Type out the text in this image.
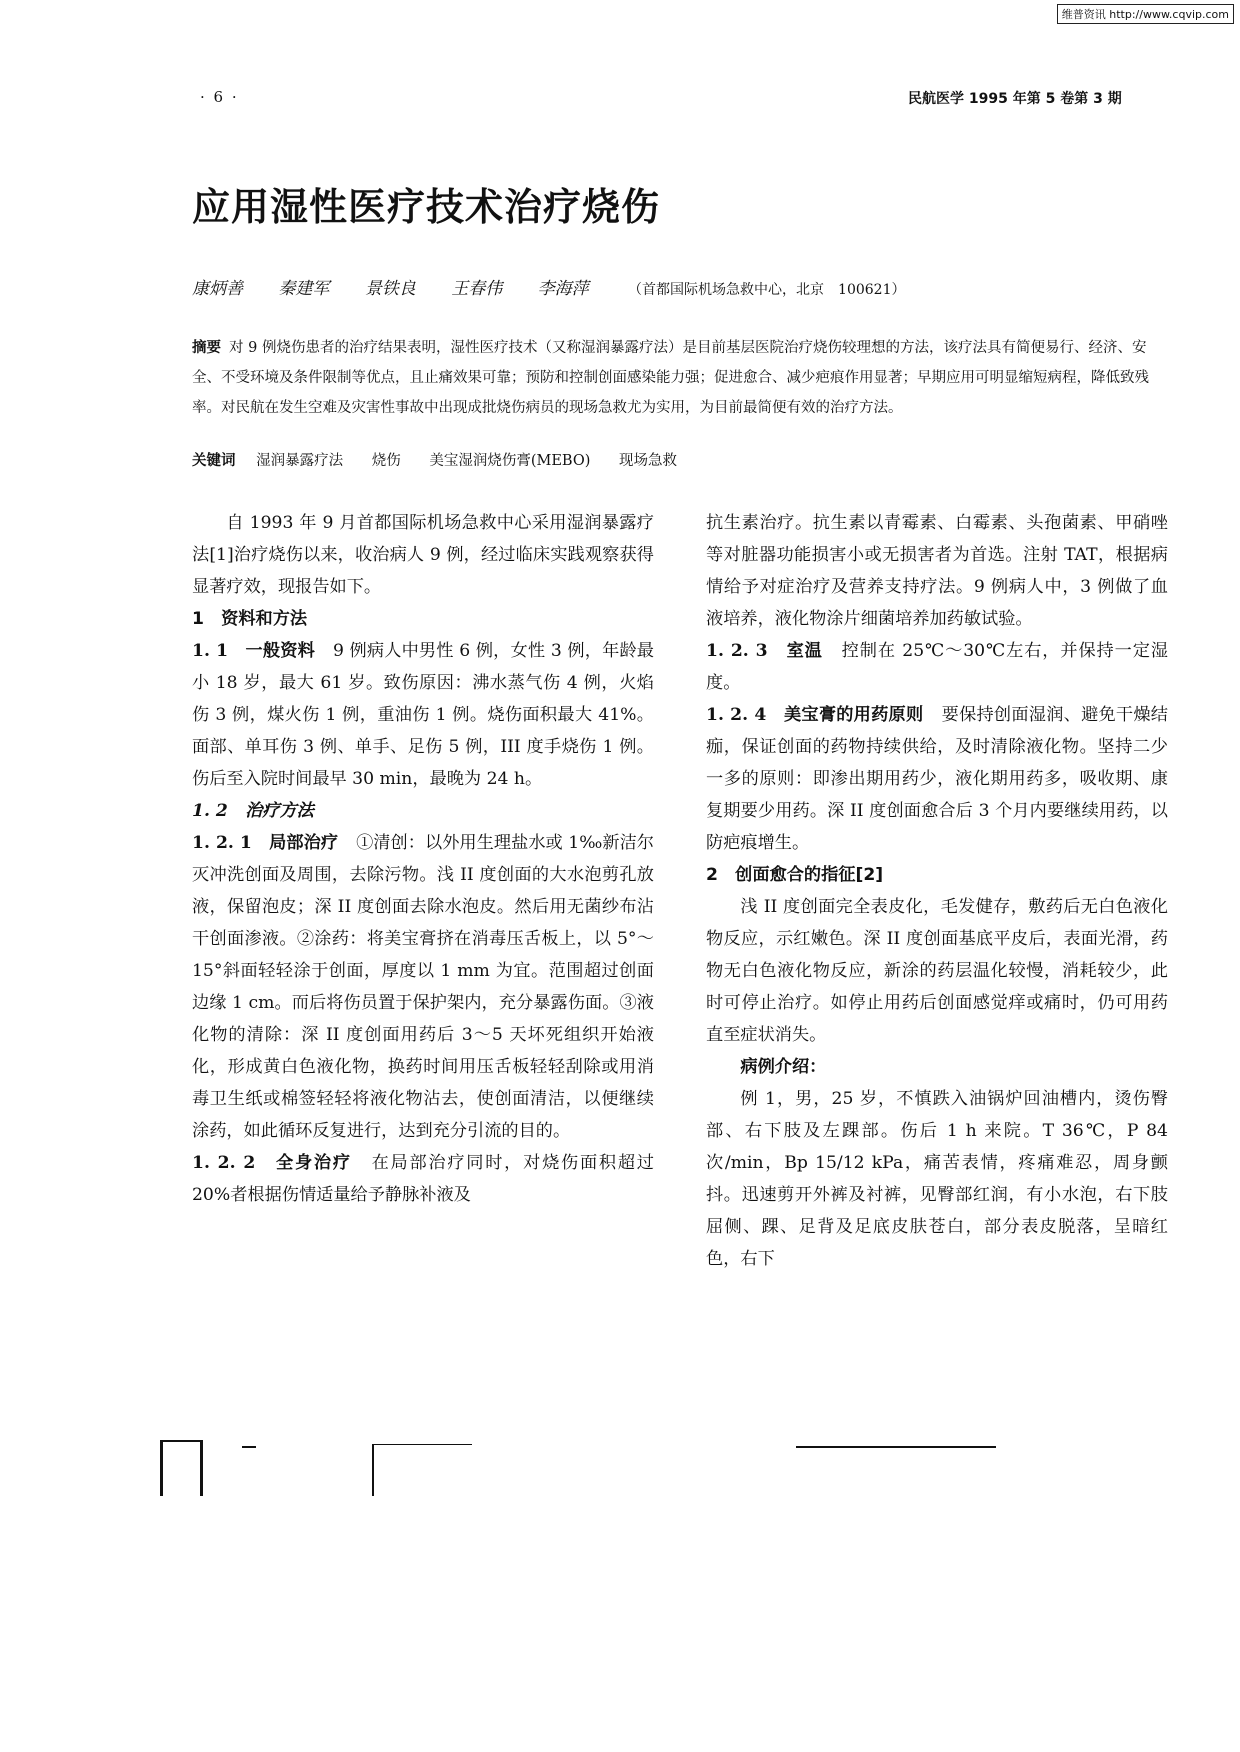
维普资讯 http://www.cqvip.com
· 6 ·	民航医学 1995 年第 5 卷第 3 期
应用湿性医疗技术治疗烧伤
康炳善 秦建军 景铁良 王春伟 李海萍	（首都国际机场急救中心，北京　100621）
摘要 对 9 例烧伤患者的治疗结果表明，湿性医疗技术（又称湿润暴露疗法）是目前基层医院治疗烧伤较理想的方法，该疗法具有简便易行、经济、安全、不受环境及条件限制等优点，且止痛效果可靠；预防和控制创面感染能力强；促进愈合、减少疤痕作用显著；早期应用可明显缩短病程，降低致残率。对民航在发生空难及灾害性事故中出现成批烧伤病员的现场急救尤为实用，为目前最简便有效的治疗方法。
关键词 湿润暴露疗法 烧伤 美宝湿润烧伤膏(MEBO) 现场急救

自 1993 年 9 月首都国际机场急救中心采用湿润暴露疗法[1]治疗烧伤以来，收治病人 9 例，经过临床实践观察获得显著疗效，现报告如下。

1　资料和方法

1. 1　一般资料 9 例病人中男性 6 例，女性 3 例，年龄最小 18 岁，最大 61 岁。致伤原因：沸水蒸气伤 4 例，火焰伤 3 例，煤火伤 1 例，重油伤 1 例。烧伤面积最大 41%。面部、单耳伤 3 例、单手、足伤 5 例，III 度手烧伤 1 例。伤后至入院时间最早 30 min，最晚为 24 h。

1. 2　治疗方法

1. 2. 1　局部治疗 ①清创：以外用生理盐水或 1‰新洁尔灭冲洗创面及周围，去除污物。浅 II 度创面的大水泡剪孔放液，保留泡皮；深 II 度创面去除水泡皮。然后用无菌纱布沾干创面渗液。②涂药：将美宝膏挤在消毒压舌板上，以 5°～15°斜面轻轻涂于创面，厚度以 1 mm 为宜。范围超过创面边缘 1 cm。而后将伤员置于保护架内，充分暴露伤面。③液化物的清除：深 II 度创面用药后 3～5 天坏死组织开始液化，形成黄白色液化物，换药时间用压舌板轻轻刮除或用消毒卫生纸或棉签轻轻将液化物沾去，使创面清洁，以便继续涂药，如此循环反复进行，达到充分引流的目的。

1. 2. 2　全身治疗 在局部治疗同时，对烧伤面积超过 20%者根据伤情适量给予静脉补液及

抗生素治疗。抗生素以青霉素、白霉素、头孢菌素、甲硝唑等对脏器功能损害小或无损害者为首选。注射 TAT，根据病情给予对症治疗及营养支持疗法。9 例病人中，3 例做了血液培养，液化物涂片细菌培养加药敏试验。

1. 2. 3　室温 控制在 25℃～30℃左右，并保持一定湿度。

1. 2. 4　美宝膏的用药原则 要保持创面湿润、避免干燥结痂，保证创面的药物持续供给，及时清除液化物。坚持二少一多的原则：即渗出期用药少，液化期用药多，吸收期、康复期要少用药。深 II 度创面愈合后 3 个月内要继续用药，以防疤痕增生。

2　创面愈合的指征[2]

浅 II 度创面完全表皮化，毛发健存，敷药后无白色液化物反应，示红嫩色。深 II 度创面基底平皮后，表面光滑，药物无白色液化物反应，新涂的药层温化较慢，消耗较少，此时可停止治疗。如停止用药后创面感觉痒或痛时，仍可用药直至症状消失。

病例介绍：

例 1，男，25 岁，不慎跌入油锅炉回油槽内，烫伤臀部、右下肢及左踝部。伤后 1 h 来院。T 36℃，P 84 次/min，Bp 15/12 kPa，痛苦表情，疼痛难忍，周身颤抖。迅速剪开外裤及衬裤，见臀部红润，有小水泡，右下肢屈侧、踝、足背及足底皮肤苍白，部分表皮脱落，呈暗红色，右下
